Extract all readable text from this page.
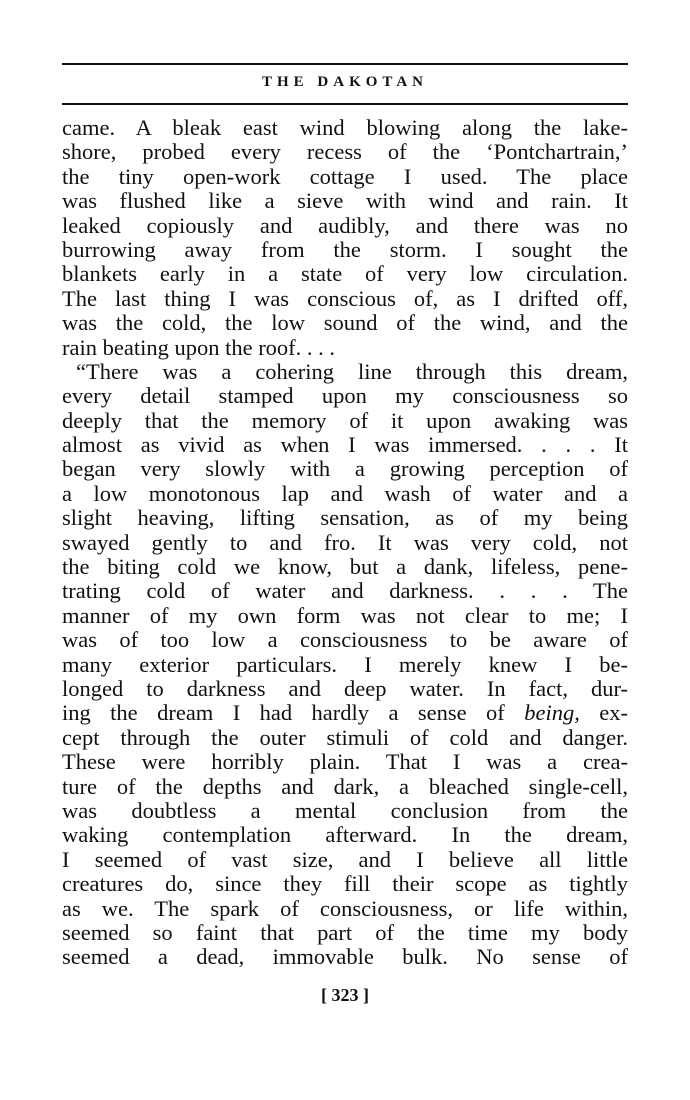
THE DAKOTAN
came. A bleak east wind blowing along the lake-
shore, probed every recess of the ‘Pontchartrain,’
the tiny open-work cottage I used. The place
was flushed like a sieve with wind and rain. It
leaked copiously and audibly, and there was no
burrowing away from the storm. I sought the
blankets early in a state of very low circulation.
The last thing I was conscious of, as I drifted off,
was the cold, the low sound of the wind, and the
rain beating upon the roof. . . .
“There was a cohering line through this dream,
every detail stamped upon my consciousness so
deeply that the memory of it upon awaking was
almost as vivid as when I was immersed. . . . It
began very slowly with a growing perception of
a low monotonous lap and wash of water and a
slight heaving, lifting sensation, as of my being
swayed gently to and fro. It was very cold, not
the biting cold we know, but a dank, lifeless, pene-
trating cold of water and darkness. . . . The
manner of my own form was not clear to me; I
was of too low a consciousness to be aware of
many exterior particulars. I merely knew I be-
longed to darkness and deep water. In fact, dur-
ing the dream I had hardly a sense of being, ex-
cept through the outer stimuli of cold and danger.
These were horribly plain. That I was a crea-
ture of the depths and dark, a bleached single-cell,
was doubtless a mental conclusion from the
waking contemplation afterward. In the dream,
I seemed of vast size, and I believe all little
creatures do, since they fill their scope as tightly
as we. The spark of consciousness, or life within,
seemed so faint that part of the time my body
seemed a dead, immovable bulk. No sense of
[ 323 ]
